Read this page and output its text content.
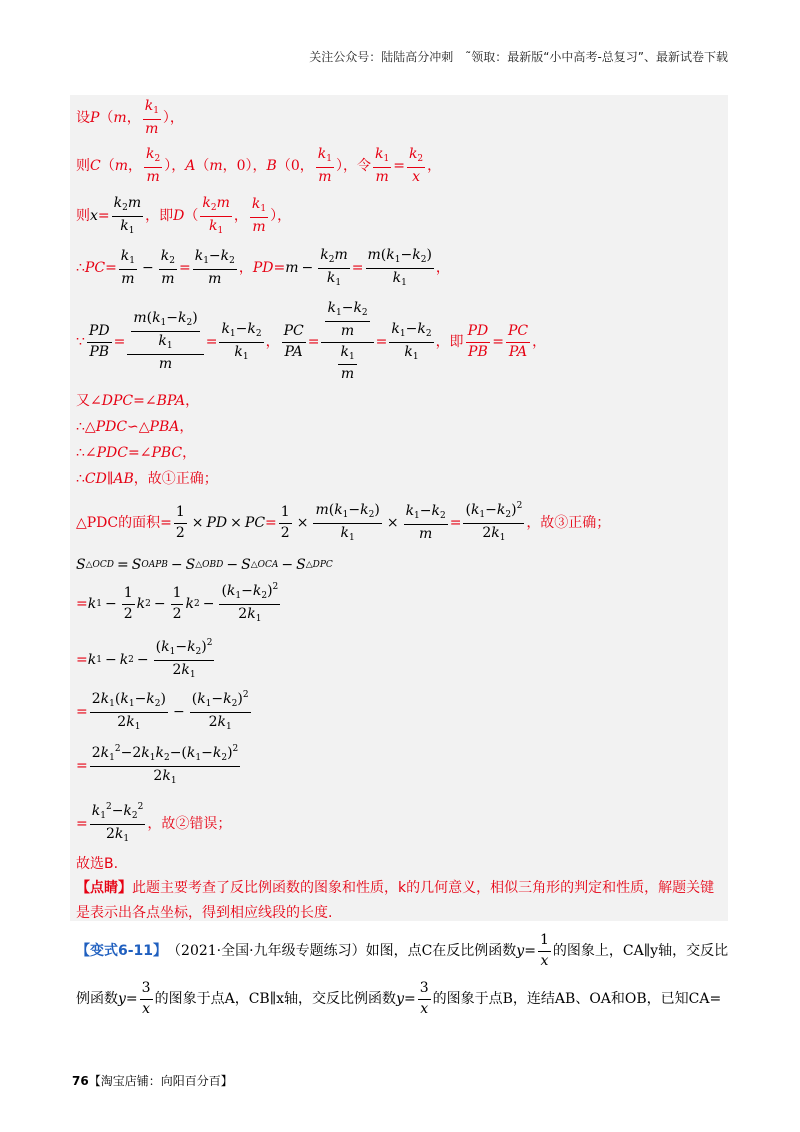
关注公众号：陆陆高分冲刺　˜领取：最新版“小中高考-总复习”、最新试卷下载
设 P （ m ，
$k_1$
m
），
则 C （ m ，
$k_2$
m
）， A （ m ，0）， B （0，
$k_1$
m
），令
$k_1$
m
=
$k_2$
x
，
则 x =
$k_2m$
$k_1$
，即 D （
$k_2m$
$k_1$
，
$k_1$
m
），
∴ PC =
$k_1$
m
− $\frac{k_2}{m}$ =
$k_1-k_2$
m
， PD = $m - \frac{k_2m}{k_1}$ =
$m(k_1-k_2)$
$k_1$
，
∵
PD
PB
= $\frac{m(k_1-k_2)}{k_1}$
m
=
$k_1-k_2$
$k_1$
，
PC
PA
=
$\frac{k_1-k_2}{m}$
$\frac{k_1}{m}$
=
$k_1-k_2$
$k_1$
，即
PD
PB
=
PC
PA
，
又∠ DPC =∠ BPA ，
∴△ PDC ∽△ PBA ，
∴∠ PDC =∠ PBC ，
∴ CD ∥ AB ，故①正确；
△PDC的面积= $\frac{1}{2}$ × PD × PC = $\frac{1}{2} \times \frac{m(k_1-k_2)}{k_1} \times \frac{k_1-k_2}{m}$ =
$(k_1-k_2)^2$
$2k_1$
，故③正确；
S △OCD = S OAPB − S △OBD − S △OCA − S △DPC
= k $1 - \frac{1}{2}$ k $2 - \frac{1}{2}$ k $2 - \frac{(k_1-k_2)^2}{2k_1}$
= k 1 − k $2 - \frac{(k_1-k_2)^2}{2k_1}$
= $\frac{2k_1(k_1-k_2)}{2k_1} - \frac{(k_1-k_2)^2}{2k_1}$
= $\frac{2k_1^2-2k_1k_2-(k_1-k_2)^2}{2k_1}$
= $\frac{k_1^2-k_2^2}{2k_1}$ ，故②错误；
故选B.
【点睛】此题主要考查了反比例函数的图象和性质，k的几何意义，相似三角形的判定和性质，解题关键是表示出各点坐标，得到相应线段的长度.
【变式6-11】 （2021·全国·九年级专题练习） 如图，点C在反比例函数 y =
1
x
的图象上，CA∥y轴，交反比
例函数 y =
3
x
的图象于点A，CB∥x轴，交反比例函数 y =
3
x
的图象于点B，连结AB、OA和OB，已知CA=
76【淘宝店铺：向阳百分百】
